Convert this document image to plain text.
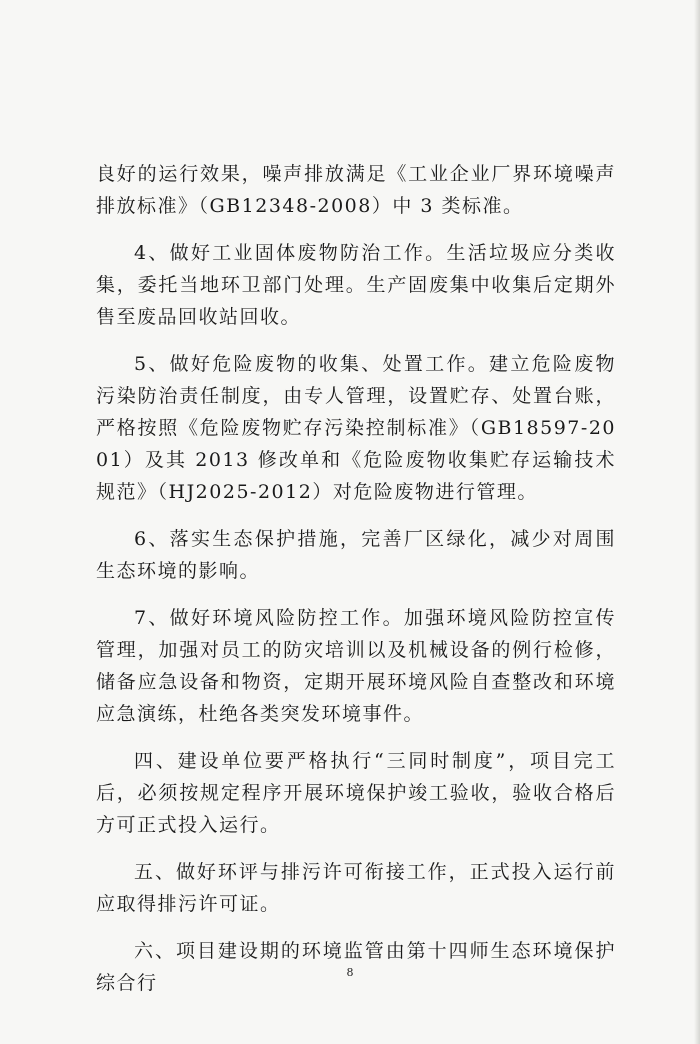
良好的运行效果，噪声排放满足《工业企业厂界环境噪声排放标准》（GB12348-2008）中 3 类标准。

4、做好工业固体废物防治工作。生活垃圾应分类收集，委托当地环卫部门处理。生产固废集中收集后定期外售至废品回收站回收。

5、做好危险废物的收集、处置工作。建立危险废物污染防治责任制度，由专人管理，设置贮存、处置台账，严格按照《危险废物贮存污染控制标准》（GB18597-2001）及其 2013 修改单和《危险废物收集贮存运输技术规范》（HJ2025-2012）对危险废物进行管理。

6、落实生态保护措施，完善厂区绿化，减少对周围生态环境的影响。

7、做好环境风险防控工作。加强环境风险防控宣传管理，加强对员工的防灾培训以及机械设备的例行检修，储备应急设备和物资，定期开展环境风险自查整改和环境应急演练，杜绝各类突发环境事件。

四、建设单位要严格执行“三同时制度”，项目完工后，必须按规定程序开展环境保护竣工验收，验收合格后方可正式投入运行。

五、做好环评与排污许可衔接工作，正式投入运行前应取得排污许可证。

六、项目建设期的环境监管由第十四师生态环境保护综合行	8
